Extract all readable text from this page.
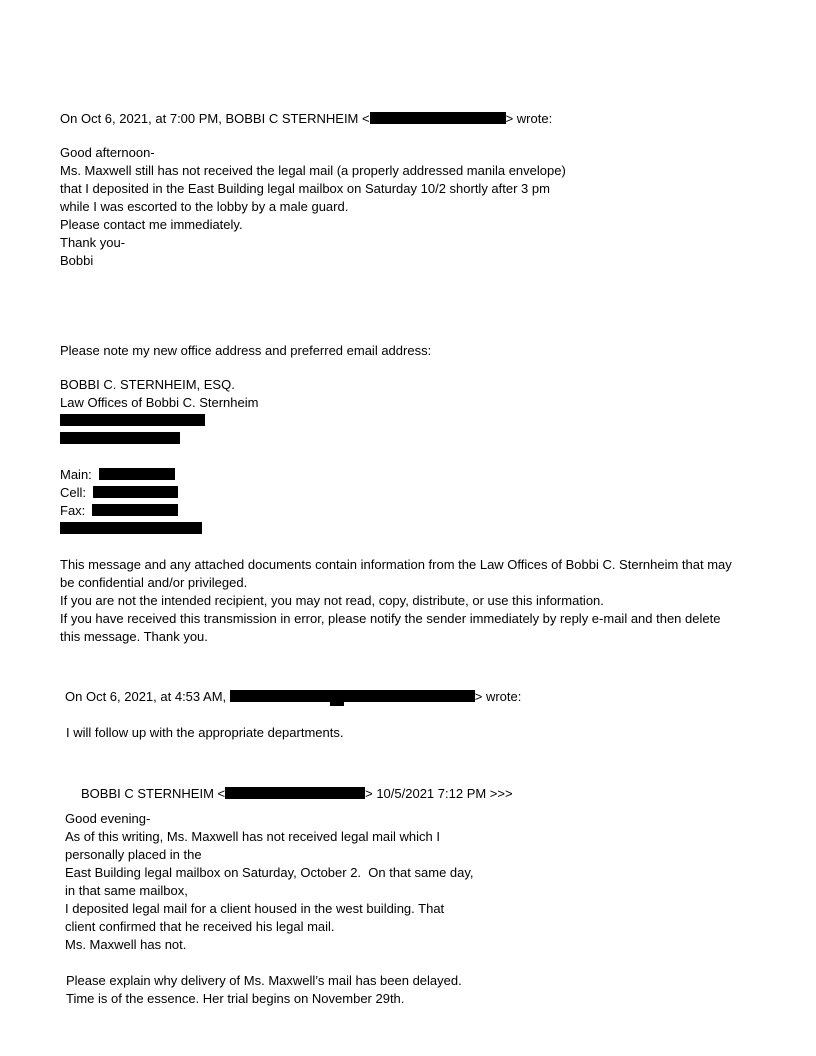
On Oct 6, 2021, at 7:00 PM, BOBBI C STERNHEIM <	> wrote:
Good afternoon-
Ms. Maxwell still has not received the legal mail (a properly addressed manila envelope)
that I deposited in the East Building legal mailbox on Saturday 10/2 shortly after 3 pm
while I was escorted to the lobby by a male guard.
Please contact me immediately.
Thank you-
Bobbi
Please note my new office address and preferred email address:
BOBBI C. STERNHEIM, ESQ.
Law Offices of Bobbi C. Sternheim
Main:
Cell:
Fax:
This message and any attached documents contain information from the Law Offices of Bobbi C. Sternheim that may
be confidential and/or privileged.
If you are not the intended recipient, you may not read, copy, distribute, or use this information.
If you have received this transmission in error, please notify the sender immediately by reply e-mail and then delete
this message. Thank you.
On Oct 6, 2021, at 4:53 AM,	> wrote:
I will follow up with the appropriate departments.
BOBBI C STERNHEIM <	> 10/5/2021 7:12 PM >>>
Good evening-
As of this writing, Ms. Maxwell has not received legal mail which I
personally placed in the
East Building legal mailbox on Saturday, October 2.  On that same day,
in that same mailbox,
I deposited legal mail for a client housed in the west building. That
client confirmed that he received his legal mail.
Ms. Maxwell has not.
Please explain why delivery of Ms. Maxwell’s mail has been delayed.
Time is of the essence. Her trial begins on November 29th.
